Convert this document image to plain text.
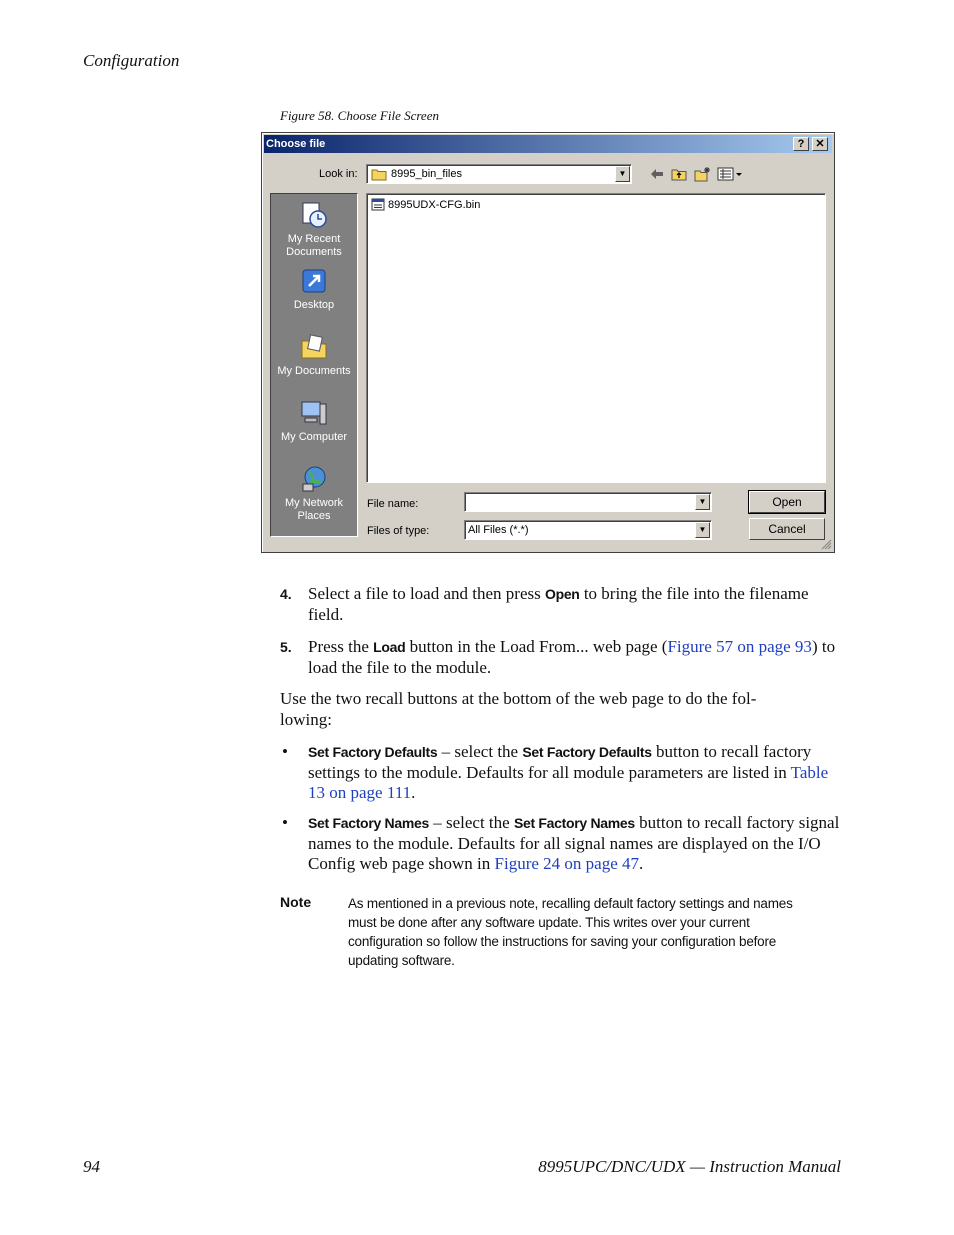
Configuration
Figure 58. Choose File Screen
Choose file	?	✕
Look in:	8995_bin_files	▼
My Recent
Documents
Desktop
My Documents
My Computer
My Network
Places
8995UDX-CFG.bin
File name:	▼
Files of type:	All Files (*.*)	▼
Open
Cancel
4. Select a file to load and then press Open to bring the file into the filename field.
5. Press the Load button in the Load From... web page (Figure 57 on page 93) to load the file to the module.
Use the two recall buttons at the bottom of the web page to do the fol-
lowing:
• Set Factory Defaults – select the Set Factory Defaults button to recall factory settings to the module. Defaults for all module parameters are listed in Table 13 on page 111.
• Set Factory Names – select the Set Factory Names button to recall factory signal names to the module. Defaults for all signal names are displayed on the I/O Config web page shown in Figure 24 on page 47.
Note	As mentioned in a previous note, recalling default factory settings and names must be done after any software update. This writes over your current configuration so follow the instructions for saving your configuration before updating software.
94	8995UPC/DNC/UDX — Instruction Manual
